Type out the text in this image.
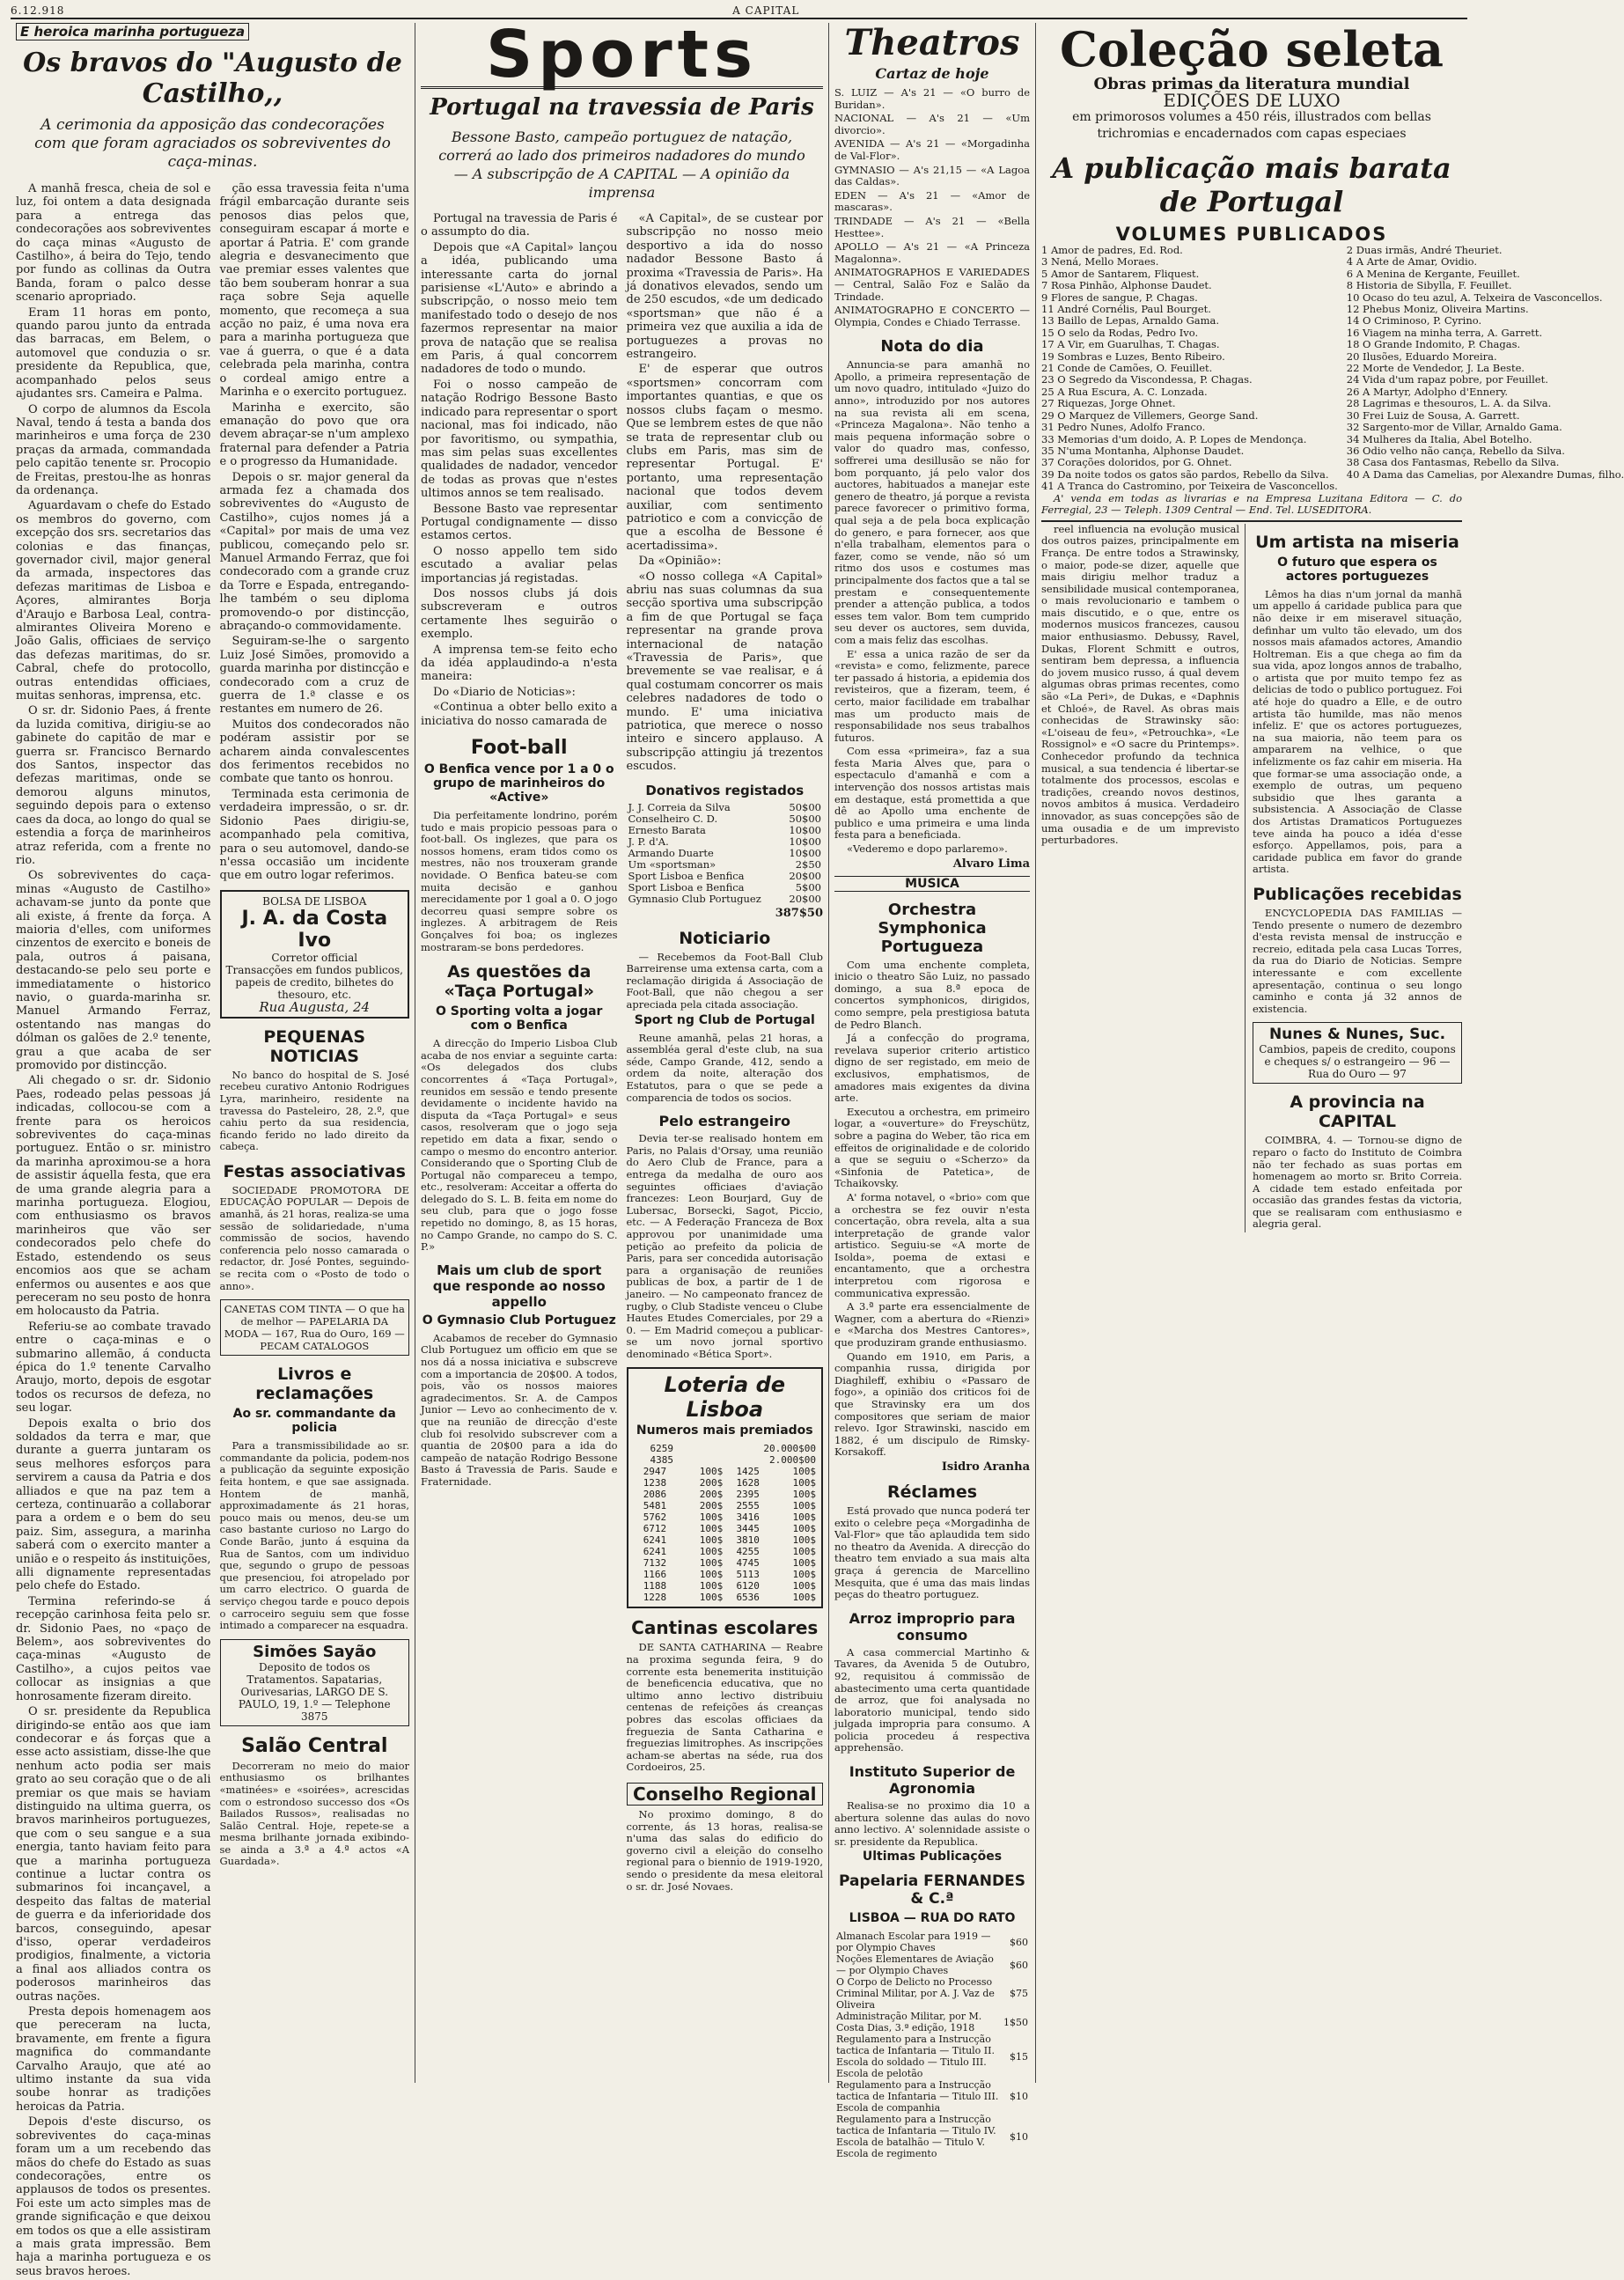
6.12.918	A CAPITAL
E heroica marinha portugueza
Os bravos do "Augusto de Castilho,,
A cerimonia da apposição das condecorações com que foram agraciados os sobreviventes do caça-minas.

A manhã fresca, cheia de sol e luz, foi ontem a data designada para a entrega das condecorações aos sobreviventes do caça minas «Augusto de Castilho», á beira do Tejo, tendo por fundo as collinas da Outra Banda, foram o palco desse scenario apropriado.

Eram 11 horas em ponto, quando parou junto da entrada das barracas, em Belem, o automovel que conduzia o sr. presidente da Republica, que, acompanhado pelos seus ajudantes srs. Cameira e Palma.

O corpo de alumnos da Escola Naval, tendo á testa a banda dos marinheiros e uma força de 230 praças da armada, commandada pelo capitão tenente sr. Procopio de Freitas, prestou-lhe as honras da ordenança.

Aguardavam o chefe do Estado os membros do governo, com excepção dos srs. secretarios das colonias e das finanças, governador civil, major general da armada, inspectores das defezas maritimas de Lisboa e Açores, almirantes Borja d'Araujo e Barbosa Leal, contra-almirantes Oliveira Moreno e João Galis, officiaes de serviço das defezas maritimas, do sr. Cabral, chefe do protocollo, outras entendidas officiaes, muitas senhoras, imprensa, etc.

O sr. dr. Sidonio Paes, á frente da luzida comitiva, dirigiu-se ao gabinete do capitão de mar e guerra sr. Francisco Bernardo dos Santos, inspector das defezas maritimas, onde se demorou alguns minutos, seguindo depois para o extenso caes da doca, ao longo do qual se estendia a força de marinheiros atraz referida, com a frente no rio.

Os sobreviventes do caça-minas «Augusto de Castilho» achavam-se junto da ponte que ali existe, á frente da força. A maioria d'elles, com uniformes cinzentos de exercito e boneis de pala, outros á paisana, destacando-se pelo seu porte e immediatamente o historico navio, o guarda-marinha sr. Manuel Armando Ferraz, ostentando nas mangas do dólman os galões de 2.º tenente, grau a que acaba de ser promovido por distincção.

Ali chegado o sr. dr. Sidonio Paes, rodeado pelas pessoas já indicadas, collocou-se com a frente para os heroicos sobreviventes do caça-minas portuguez. Então o sr. ministro da marinha aproximou-se a hora de assistir áquella festa, que era de uma grande alegria para a marinha portugueza. Elogiou, com enthusiasmo os bravos marinheiros que vão ser condecorados pelo chefe do Estado, estendendo os seus encomios aos que se acham enfermos ou ausentes e aos que pereceram no seu posto de honra em holocausto da Patria.

Referiu-se ao combate travado entre o caça-minas e o submarino allemão, á conducta épica do 1.º tenente Carvalho Araujo, morto, depois de esgotar todos os recursos de defeza, no seu logar.

Depois exalta o brio dos soldados da terra e mar, que durante a guerra juntaram os seus melhores esforços para servirem a causa da Patria e dos alliados e que na paz tem a certeza, continuarão a collaborar para a ordem e o bem do seu paiz. Sim, assegura, a marinha saberá com o exercito manter a união e o respeito ás instituições, alli dignamente representadas pelo chefe do Estado.

Termina referindo-se á recepção carinhosa feita pelo sr. dr. Sidonio Paes, no «paço de Belem», aos sobreviventes do caça-minas «Augusto de Castilho», a cujos peitos vae collocar as insignias a que honrosamente fizeram direito.

O sr. presidente da Republica dirigindo-se então aos que iam condecorar e ás forças que a esse acto assistiam, disse-lhe que nenhum acto podia ser mais grato ao seu coração que o de ali premiar os que mais se haviam distinguido na ultima guerra, os bravos marinheiros portuguezes, que com o seu sangue e a sua energia, tanto haviam feito para que a marinha portugueza continue a luctar contra os submarinos foi incançavel, a despeito das faltas de material de guerra e da inferioridade dos barcos, conseguindo, apesar d'isso, operar verdadeiros prodigios, finalmente, a victoria a final aos alliados contra os poderosos marinheiros das outras nações.

Presta depois homenagem aos que pereceram na lucta, bravamente, em frente a figura magnifica do commandante Carvalho Araujo, que até ao ultimo instante da sua vida soube honrar as tradições heroicas da Patria.

Depois d'este discurso, os sobreviventes do caça-minas foram um a um recebendo das mãos do chefe do Estado as suas condecorações, entre os applausos de todos os presentes. Foi este um acto simples mas de grande significação e que deixou em todos os que a elle assistiram a mais grata impressão. Bem haja a marinha portugueza e os seus bravos heroes.

ção essa travessia feita n'uma frágil embarcação durante seis penosos dias pelos que, conseguiram escapar á morte e aportar á Patria. E' com grande alegria e desvanecimento que vae premiar esses valentes que tão bem souberam honrar a sua raça sobre Seja aquelle momento, que recomeça a sua acção no paiz, é uma nova era para a marinha portugueza que vae á guerra, o que é a data celebrada pela marinha, contra o cordeal amigo entre a Marinha e o exercito portuguez.

Marinha e exercito, são emanação do povo que ora devem abraçar-se n'um amplexo fraternal para defender a Patria e o progresso da Humanidade.

Depois o sr. major general da armada fez a chamada dos sobreviventes do «Augusto de Castilho», cujos nomes já a «Capital» por mais de uma vez publicou, começando pelo sr. Manuel Armando Ferraz, que foi condecorado com a grande cruz da Torre e Espada, entregando-lhe também o seu diploma promovendo-o por distincção, abraçando-o commovidamente.

Seguiram-se-lhe o sargento Luiz José Simões, promovido a guarda marinha por distincção e condecorado com a cruz de guerra de 1.ª classe e os restantes em numero de 26.

Muitos dos condecorados não podéram assistir por se acharem ainda convalescentes dos ferimentos recebidos no combate que tanto os honrou.

Terminada esta cerimonia de verdadeira impressão, o sr. dr. Sidonio Paes dirigiu-se, acompanhado pela comitiva, para o seu automovel, dando-se n'essa occasião um incidente que em outro logar referimos.

BOLSA DE LISBOA
J. A. da Costa Ivo
Corretor official
Transacções em fundos publicos, papeis de credito, bilhetes do thesouro, etc.
Rua Augusta, 24
PEQUENAS NOTICIAS

No banco do hospital de S. José recebeu curativo Antonio Rodrigues Lyra, marinheiro, residente na travessa do Pasteleiro, 28, 2.º, que cahiu perto da sua residencia, ficando ferido no lado direito da cabeça.

Festas associativas

SOCIEDADE PROMOTORA DE EDUCAÇÃO POPULAR — Depois de amanhã, ás 21 horas, realiza-se uma sessão de solidariedade, n'uma commissão de socios, havendo conferencia pelo nosso camarada o redactor, dr. José Pontes, seguindo-se recita com o «Posto de todo o anno».

CANETAS COM TINTA — O que ha de melhor — PAPELARIA DA MODA — 167, Rua do Ouro, 169 — PECAM CATALOGOS
Livros e reclamações
Ao sr. commandante da policia

Para a transmissibilidade ao sr. commandante da policia, podem-nos a publicação da seguinte exposição feita hontem, e que sae assignada. Hontem de manhã, approximadamente ás 21 horas, pouco mais ou menos, deu-se um caso bastante curioso no Largo do Conde Barão, junto á esquina da Rua de Santos, com um individuo que, segundo o grupo de pessoas que presenciou, foi atropelado por um carro electrico. O guarda de serviço chegou tarde e pouco depois o carroceiro seguiu sem que fosse intimado a comparecer na esquadra.

Simões Sayão
Deposito de todos os Tratamentos. Sapatarias, Ourivesarias, LARGO DE S. PAULO, 19, 1.º — Telephone 3875
Salão Central

Decorreram no meio do maior enthusiasmo os brilhantes «matinées» e «soirées», acrescidas com o estrondoso successo dos «Os Bailados Russos», realisadas no Salão Central. Hoje, repete-se a mesma brilhante jornada exibindo-se ainda a 3.ª a 4.ª actos «A Guardada».

Sports
Portugal na travessia de Paris
Bessone Basto, campeão portuguez de natação, correrá ao lado dos primeiros nadadores do mundo — A subscripção de A CAPITAL — A opinião da imprensa

Portugal na travessia de Paris é o assumpto do dia.

Depois que «A Capital» lançou a idéa, publicando uma interessante carta do jornal parisiense «L'Auto» e abrindo a subscripção, o nosso meio tem manifestado todo o desejo de nos fazermos representar na maior prova de natação que se realisa em Paris, á qual concorrem nadadores de todo o mundo.

Foi o nosso campeão de natação Rodrigo Bessone Basto indicado para representar o sport nacional, mas foi indicado, não por favoritismo, ou sympathia, mas sim pelas suas excellentes qualidades de nadador, vencedor de todas as provas que n'estes ultimos annos se tem realisado.

Bessone Basto vae representar Portugal condignamente — disso estamos certos.

O nosso appello tem sido escutado a avaliar pelas importancias já registadas.

Dos nossos clubs já dois subscreveram e outros certamente lhes seguirão o exemplo.

A imprensa tem-se feito echo da idéa applaudindo-a n'esta maneira:

Do «Diario de Noticias»:

«Continua a obter bello exito a iniciativa do nosso camarada de

Foot-ball
O Benfica vence por 1 a 0 o grupo de marinheiros do «Active»

Dia perfeitamente londrino, porém tudo e mais propicio pessoas para o foot-ball. Os inglezes, que para os nossos homens, eram tidos como os mestres, não nos trouxeram grande novidade. O Benfica bateu-se com muita decisão e ganhou merecidamente por 1 goal a 0. O jogo decorreu quasi sempre sobre os inglezes. A arbitragem de Reis Gonçalves foi boa; os inglezes mostraram-se bons perdedores.

As questões da «Taça Portugal»
O Sporting volta a jogar com o Benfica

A direcção do Imperio Lisboa Club acaba de nos enviar a seguinte carta: «Os delegados dos clubs concorrentes á «Taça Portugal», reunidos em sessão e tendo presente devidamente o incidente havido na disputa da «Taça Portugal» e seus casos, resolveram que o jogo seja repetido em data a fixar, sendo o campo o mesmo do encontro anterior. Considerando que o Sporting Club de Portugal não compareceu a tempo, etc., resolveram: Acceitar a offerta do delegado do S. L. B. feita em nome do seu club, para que o jogo fosse repetido no domingo, 8, as 15 horas, no Campo Grande, no campo do S. C. P.»

Mais um club de sport que responde ao nosso appello
O Gymnasio Club Portuguez

Acabamos de receber do Gymnasio Club Portuguez um officio em que se nos dá a nossa iniciativa e subscreve com a importancia de 20$00. A todos, pois, vão os nossos maiores agradecimentos. Sr. A. de Campos Junior — Levo ao conhecimento de v. que na reunião de direcção d'este club foi resolvido subscrever com a quantia de 20$00 para a ida do campeão de natação Rodrigo Bessone Basto á Travessia de Paris. Saude e Fraternidade.

«A Capital», de se custear por subscripção no nosso meio desportivo a ida do nosso nadador Bessone Basto á proxima «Travessia de Paris». Ha já donativos elevados, sendo um de 250 escudos, «de um dedicado «sportsman» que não é a primeira vez que auxilia a ida de portuguezes a provas no estrangeiro.

E' de esperar que outros «sportsmen» concorram com importantes quantias, e que os nossos clubs façam o mesmo. Que se lembrem estes de que não se trata de representar club ou clubs em Paris, mas sim de representar Portugal. E' portanto, uma representação nacional que todos devem auxiliar, com sentimento patriotico e com a convicção de que a escolha de Bessone é acertadissima».

Da «Opinião»:

«O nosso collega «A Capital» abriu nas suas columnas da sua secção sportiva uma subscripção a fim de que Portugal se faça representar na grande prova internacional de natação «Travessia de Paris», que brevemente se vae realisar, e á qual costumam concorrer os mais celebres nadadores de todo o mundo. E' uma iniciativa patriotica, que merece o nosso inteiro e sincero applauso. A subscripção attingiu já trezentos escudos.

Donativos registados
J. J. Correia da Silva	50$00
Conselheiro C. D.	50$00
Ernesto Barata	10$00
J. P. d'A.	10$00
Armando Duarte	10$00
Um «sportsman»	2$50
Sport Lisboa e Benfica	20$00
Sport Lisboa e Benfica	5$00
Gymnasio Club Portuguez	20$00
387$50
Noticiario

— Recebemos da Foot-Ball Club Barreirense uma extensa carta, com a reclamação dirigida á Associação de Foot-Ball, que não chegou a ser apreciada pela citada associação.

Sport ng Club de Portugal

Reune amanhã, pelas 21 horas, a assembléa geral d'este club, na sua séde, Campo Grande, 412, sendo a ordem da noite, alteração dos Estatutos, para o que se pede a comparencia de todos os socios.

Pelo estrangeiro

Devia ter-se realisado hontem em Paris, no Palais d'Orsay, uma reunião do Aero Club de France, para a entrega da medalha de ouro aos seguintes officiaes d'aviação francezes: Leon Bourjard, Guy de Lubersac, Borsecki, Sagot, Piccio, etc. — A Federação Franceza de Box approvou por unanimidade uma petição ao prefeito da policia de Paris, para ser concedida autorisação para a organisação de reuniões publicas de box, a partir de 1 de janeiro. — No campeonato francez de rugby, o Club Stadiste venceu o Clube Hautes Etudes Comerciales, por 29 a 0. — Em Madrid começou a publicar-se um novo jornal sportivo denominado «Bética Sport».

Loteria de Lisboa
Numeros mais premiados
6259	20.000$00
4385	2.000$00
2947	100$	1425	100$
1238	200$	1628	100$
2086	200$	2395	100$
5481	200$	2555	100$
5762	100$	3416	100$
6712	100$	3445	100$
6241	100$	3810	100$
6241	100$	4255	100$
7132	100$	4745	100$
1166	100$	5113	100$
1188	100$	6120	100$
1228	100$	6536	100$
Cantinas escolares

DE SANTA CATHARINA — Reabre na proxima segunda feira, 9 do corrente esta benemerita instituição de beneficencia educativa, que no ultimo anno lectivo distribuiu centenas de refeições ás creanças pobres das escolas officiaes da freguezia de Santa Catharina e freguezias limitrophes. As inscripções acham-se abertas na séde, rua dos Cordoeiros, 25.

Conselho Regional

No proximo domingo, 8 do corrente, ás 13 horas, realisa-se n'uma das salas do edificio do governo civil a eleição do conselho regional para o biennio de 1919-1920, sendo o presidente da mesa eleitoral o sr. dr. José Novaes.

Theatros
Cartaz de hoje

S. LUIZ — A's 21 — «O burro de Buridan».

NACIONAL — A's 21 — «Um divorcio».

AVENIDA — A's 21 — «Morgadinha de Val-Flor».

GYMNASIO — A's 21,15 — «A Lagoa das Caldas».

EDEN — A's 21 — «Amor de mascaras».

TRINDADE — A's 21 — «Bella Hesttee».

APOLLO — A's 21 — «A Princeza Magalonna».

ANIMATOGRAPHOS E VARIEDADES — Central, Salão Foz e Salão da Trindade.

ANIMATOGRAPHO E CONCERTO — Olympia, Condes e Chiado Terrasse.

Nota do dia

Annuncia-se para amanhã no Apollo, a primeira representação de um novo quadro, intitulado «Juizo do anno», introduzido por nos autores na sua revista ali em scena, «Princeza Magalona». Não tenho a mais pequena informação sobre o valor do quadro mas, confesso, soffrerei uma desillusão se não for bom porquanto, já pelo valor dos auctores, habituados a manejar este genero de theatro, já porque a revista parece favorecer o primitivo forma, qual seja a de pela boca explicação do genero, e para fornecer, aos que n'ella trabalham, elementos para o fazer, como se vende, não só um ritmo dos usos e costumes mas principalmente dos factos que a tal se prestam e consequentemente prender a attenção publica, a todos esses tem valor. Bom tem cumprido seu dever os auctores, sem duvida, com a mais feliz das escolhas.

E' essa a unica razão de ser da «revista» e como, felizmente, parece ter passado á historia, a epidemia dos revisteiros, que a fizeram, teem, é certo, maior facilidade em trabalhar mas um producto mais de responsabilidade nos seus trabalhos futuros.

Com essa «primeira», faz a sua festa Maria Alves que, para o espectaculo d'amanhã e com a intervenção dos nossos artistas mais em destaque, está promettida a que dê ao Apollo uma enchente de publico e uma primeira e uma linda festa para a beneficiada.

«Vederemo e dopo parlaremo».

Alvaro Lima
MUSICA
Orchestra Symphonica Portugueza

Com uma enchente completa, inicio o theatro São Luiz, no passado domingo, a sua 8.ª epoca de concertos symphonicos, dirigidos, como sempre, pela prestigiosa batuta de Pedro Blanch.

Já a confecção do programa, revelava superior criterio artistico digno de ser registado, em meio de exclusivos, emphatismos, de amadores mais exigentes da divina arte.

Executou a orchestra, em primeiro logar, a «ouverture» do Freyschütz, sobre a pagina do Weber, tão rica em effeitos de originalidade e de colorido a que se seguiu o «Scherzo» da «Sinfonia de Patetica», de Tchaikovsky.

A' forma notavel, o «brio» com que a orchestra se fez ouvir n'esta concertação, obra revela, alta a sua interpretação de grande valor artistico. Seguiu-se «A morte de Isolda», poema de extasi e encantamento, que a orchestra interpretou com rigorosa e communicativa expressão.

A 3.ª parte era essencialmente de Wagner, com a abertura do «Rienzi» e «Marcha dos Mestres Cantores», que produziram grande enthusiasmo.

Quando em 1910, em Paris, a companhia russa, dirigida por Diaghileff, exhibiu o «Passaro de fogo», a opinião dos criticos foi de que Stravinsky era um dos compositores que seriam de maior relevo. Igor Strawinski, nascido em 1882, é um discipulo de Rimsky-Korsakoff.

Isidro Aranha
Réclames

Está provado que nunca poderá ter exito o celebre peça «Morgadinha de Val-Flor» que tão aplaudida tem sido no theatro da Avenida. A direcção do theatro tem enviado a sua mais alta graça á gerencia de Marcellino Mesquita, que é uma das mais lindas peças do theatro portuguez.

Arroz improprio para consumo

A casa commercial Martinho & Tavares, da Avenida 5 de Outubro, 92, requisitou á commissão de abastecimento uma certa quantidade de arroz, que foi analysada no laboratorio municipal, tendo sido julgada impropria para consumo. A policia procedeu á respectiva apprehensão.

Instituto Superior de Agronomia

Realisa-se no proximo dia 10 a abertura solenne das aulas do novo anno lectivo. A' solennidade assiste o sr. presidente da Republica.

Ultimas Publicações
Papelaria FERNANDES & C.ª
LISBOA — RUA DO RATO
Almanach Escolar para 1919 — por Olympio Chaves	$60
Noções Elementares de Aviação — por Olympio Chaves	$60
O Corpo de Delicto no Processo Criminal Militar, por A. J. Vaz de Oliveira	$75
Administração Militar, por M. Costa Dias, 3.ª edição, 1918	1$50
Regulamento para a Instrucção tactica de Infantaria — Titulo II. Escola do soldado — Titulo III. Escola de pelotão	$15
Regulamento para a Instrucção tactica de Infantaria — Titulo III. Escola de companhia	$10
Regulamento para a Instrucção tactica de Infantaria — Titulo IV. Escola de batalhão — Titulo V. Escola de regimento	$10
Coleção seleta
Obras primas da literatura mundial
EDIÇÕES DE LUXO
em primorosos volumes a 450 réis, illustrados com bellas trichromias e encadernados com capas especiaes
A publicação mais barata de Portugal
VOLUMES PUBLICADOS
1 Amor de padres, Ed. Rod.	2 Duas irmãs, André Theuriet.
3 Nená, Mello Moraes.	4 A Arte de Amar, Ovidio.
5 Amor de Santarem, Fliquest.	6 A Menina de Kergante, Feuillet.
7 Rosa Pinhão, Alphonse Daudet.	8 Historia de Sibylla, F. Feuillet.
9 Flores de sangue, P. Chagas.	10 Ocaso do teu azul, A. Telxeira de Vasconcellos.
11 André Cornélis, Paul Bourget.	12 Phebus Moniz, Oliveira Martins.
13 Baillo de Lepas, Arnaldo Gama.	14 O Criminoso, P. Cyrino.
15 O selo da Rodas, Pedro Ivo.	16 Viagem na minha terra, A. Garrett.
17 A Vir, em Guarulhas, T. Chagas.	18 O Grande Indomito, P. Chagas.
19 Sombras e Luzes, Bento Ribeiro.	20 Ilusões, Eduardo Moreira.
21 Conde de Camões, O. Feuillet.	22 Morte de Vendedor, J. La Beste.
23 O Segredo da Viscondessa, P. Chagas.	24 Vida d'um rapaz pobre, por Feuillet.
25 A Rua Escura, A. C. Lonzada.	26 A Martyr, Adolpho d'Ennery.
27 Riquezas, Jorge Ohnet.	28 Lagrimas e thesouros, L. A. da Silva.
29 O Marquez de Villemers, George Sand.	30 Frei Luiz de Sousa, A. Garrett.
31 Pedro Nunes, Adolfo Franco.	32 Sargento-mor de Villar, Arnaldo Gama.
33 Memorias d'um doido, A. P. Lopes de Mendonça.	34 Mulheres da Italia, Abel Botelho.
35 N'uma Montanha, Alphonse Daudet.	36 Odio velho não cança, Rebello da Silva.
37 Corações doloridos, por G. Ohnet.	38 Casa dos Fantasmas, Rebello da Silva.
39 Da noite todos os gatos são pardos, Rebello da Silva.	40 A Dama das Camelias, por Alexandre Dumas, filho.
41 A Tranca do Castromino, por Teixeira de Vasconcellos.

A' venda em todas as livrarias e na Empresa Luzitana Editora — C. do Ferregial, 23 — Teleph. 1309 Central — End. Tel. LUSEDITORA.

reel influencia na evolução musical dos outros paizes, principalmente em França. De entre todos a Strawinsky, o maior, pode-se dizer, aquelle que mais dirigiu melhor traduz a sensibilidade musical contemporanea, o mais revolucionario e tambem o mais discutido, e o que, entre os modernos musicos francezes, causou maior enthusiasmo. Debussy, Ravel, Dukas, Florent Schmitt e outros, sentiram bem depressa, a influencia do jovem musico russo, á qual devem algumas obras primas recentes, como são «La Peri», de Dukas, e «Daphnis et Chloé», de Ravel. As obras mais conhecidas de Strawinsky são: «L'oiseau de feu», «Petrouchka», «Le Rossignol» e «O sacre du Printemps». Conhecedor profundo da technica musical, a sua tendencia é libertar-se totalmente dos processos, escolas e tradições, creando novos destinos, novos ambitos á musica. Verdadeiro innovador, as suas concepções são de uma ousadia e de um imprevisto perturbadores.

Um artista na miseria
O futuro que espera os actores portuguezes

Lêmos ha dias n'um jornal da manhã um appello á caridade publica para que não deixe ir em miseravel situação, definhar um vulto tão elevado, um dos nossos mais afamados actores, Amandio Holtreman. Eis a que chega ao fim da sua vida, apoz longos annos de trabalho, o artista que por muito tempo fez as delicias de todo o publico portuguez. Foi até hoje do quadro a Elle, e de outro artista tão humilde, mas não menos infeliz. E' que os actores portuguezes, na sua maioria, não teem para os ampararem na velhice, o que infelizmente os faz cahir em miseria. Ha que formar-se uma associação onde, a exemplo de outras, um pequeno subsidio que lhes garanta a subsistencia. A Associação de Classe dos Artistas Dramaticos Portuguezes teve ainda ha pouco a idéa d'esse esforço. Appellamos, pois, para a caridade publica em favor do grande artista.

Publicações recebidas

ENCYCLOPEDIA DAS FAMILIAS — Tendo presente o numero de dezembro d'esta revista mensal de instrucção e recreio, editada pela casa Lucas Torres, da rua do Diario de Noticias. Sempre interessante e com excellente apresentação, continua o seu longo caminho e conta já 32 annos de existencia.

Nunes & Nunes, Suc.
Cambios, papeis de credito, coupons e cheques s/ o estrangeiro — 96 — Rua do Ouro — 97
A provincia na CAPITAL

COIMBRA, 4. — Tornou-se digno de reparo o facto do Instituto de Coimbra não ter fechado as suas portas em homenagem ao morto sr. Brito Correia. A cidade tem estado enfeitada por occasião das grandes festas da victoria, que se realisaram com enthusiasmo e alegria geral.
